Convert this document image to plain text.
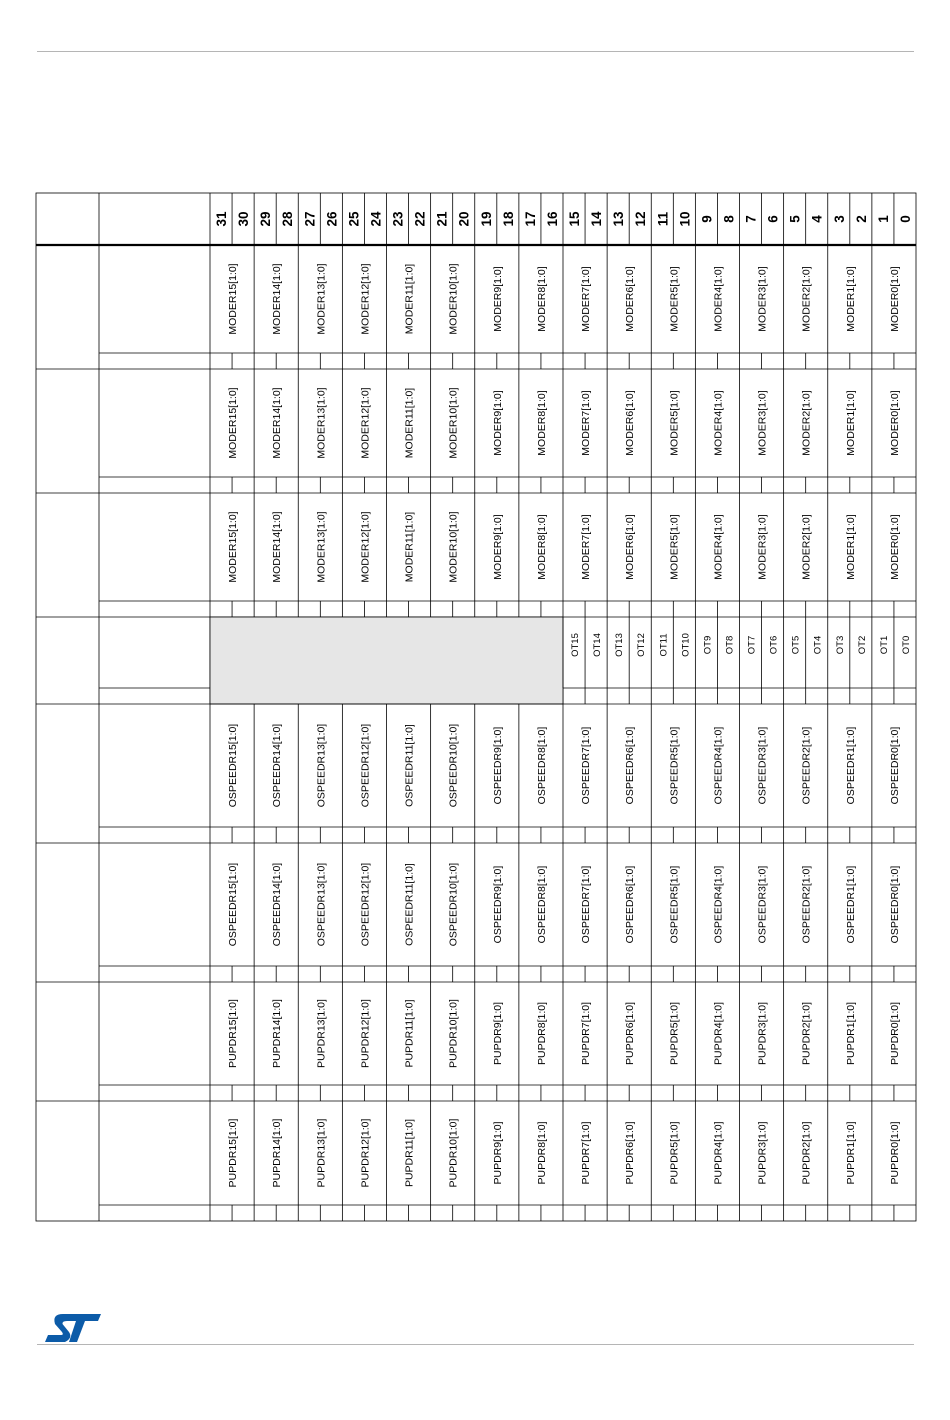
31 30 29 28 27 26 25 24 23 22 21 20 19 18 17 16 15 14 13 12 11 10 9 8 7 6 5 4 3 2 1 0
MODER15[1:0]	MODER14[1:0]	MODER13[1:0]	MODER12[1:0]	MODER11[1:0]	MODER10[1:0]	MODER9[1:0]	MODER8[1:0]	MODER7[1:0]	MODER6[1:0]	MODER5[1:0]	MODER4[1:0]	MODER3[1:0]	MODER2[1:0]	MODER1[1:0]	MODER0[1:0]
MODER15[1:0]	MODER14[1:0]	MODER13[1:0]	MODER12[1:0]	MODER11[1:0]	MODER10[1:0]	MODER9[1:0]	MODER8[1:0]	MODER7[1:0]	MODER6[1:0]	MODER5[1:0]	MODER4[1:0]	MODER3[1:0]	MODER2[1:0]	MODER1[1:0]	MODER0[1:0]
MODER15[1:0]	MODER14[1:0]	MODER13[1:0]	MODER12[1:0]	MODER11[1:0]	MODER10[1:0]	MODER9[1:0]	MODER8[1:0]	MODER7[1:0]	MODER6[1:0]	MODER5[1:0]	MODER4[1:0]	MODER3[1:0]	MODER2[1:0]	MODER1[1:0]	MODER0[1:0]
OT15 OT14 OT13 OT12 OT11 OT10 OT9 OT8 OT7 OT6 OT5 OT4 OT3 OT2 OT1 OT0
OSPEEDR15[1:0]	OSPEEDR14[1:0]	OSPEEDR13[1:0]	OSPEEDR12[1:0]	OSPEEDR11[1:0]	OSPEEDR10[1:0]	OSPEEDR9[1:0]	OSPEEDR8[1:0]	OSPEEDR7[1:0]	OSPEEDR6[1:0]	OSPEEDR5[1:0]	OSPEEDR4[1:0]	OSPEEDR3[1:0]	OSPEEDR2[1:0]	OSPEEDR1[1:0]	OSPEEDR0[1:0]
OSPEEDR15[1:0]	OSPEEDR14[1:0]	OSPEEDR13[1:0]	OSPEEDR12[1:0]	OSPEEDR11[1:0]	OSPEEDR10[1:0]	OSPEEDR9[1:0]	OSPEEDR8[1:0]	OSPEEDR7[1:0]	OSPEEDR6[1:0]	OSPEEDR5[1:0]	OSPEEDR4[1:0]	OSPEEDR3[1:0]	OSPEEDR2[1:0]	OSPEEDR1[1:0]	OSPEEDR0[1:0]
PUPDR15[1:0]	PUPDR14[1:0]	PUPDR13[1:0]	PUPDR12[1:0]	PUPDR11[1:0]	PUPDR10[1:0]	PUPDR9[1:0]	PUPDR8[1:0]	PUPDR7[1:0]	PUPDR6[1:0]	PUPDR5[1:0]	PUPDR4[1:0]	PUPDR3[1:0]	PUPDR2[1:0]	PUPDR1[1:0]	PUPDR0[1:0]
PUPDR15[1:0]	PUPDR14[1:0]	PUPDR13[1:0]	PUPDR12[1:0]	PUPDR11[1:0]	PUPDR10[1:0]	PUPDR9[1:0]	PUPDR8[1:0]	PUPDR7[1:0]	PUPDR6[1:0]	PUPDR5[1:0]	PUPDR4[1:0]	PUPDR3[1:0]	PUPDR2[1:0]	PUPDR1[1:0]	PUPDR0[1:0]
